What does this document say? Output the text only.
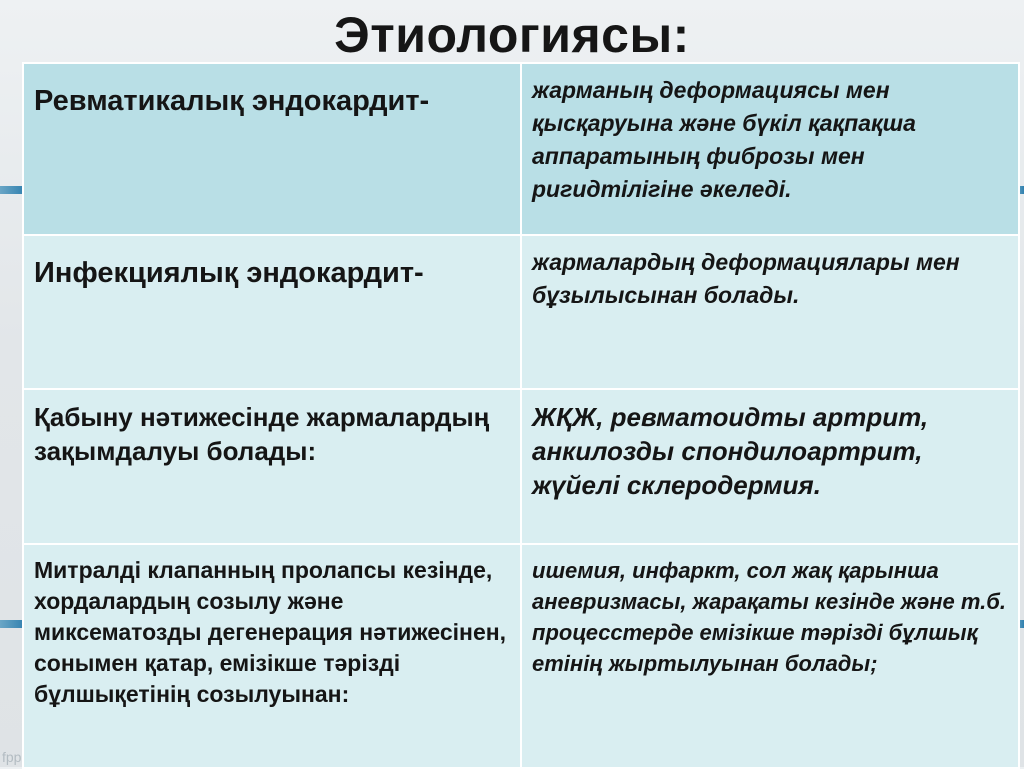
Этиологиясы:
Ревматикалық эндокардит-	жарманың деформациясы мен қысқаруына және бүкіл қақпақша аппаратының фиброзы мен ригидтілігіне әкеледі.

Инфекциялық эндокардит-	жармалардың деформациялары мен бұзылысынан болады.

Қабыну нәтижесінде жармалардың зақымдалуы болады:	ЖҚЖ, ревматоидты артрит, анкилозды спондилоартрит, жүйелі склеродермия.

Митралді клапанның пролапсы кезінде, хордалардың созылу және миксематозды дегенерация нәтижесінен, сонымен қатар, емізікше тәрізді бұлшықетінің созылуынан:	ишемия, инфаркт, сол жақ қарынша аневризмасы, жарақаты кезінде және т.б. процесстерде емізікше тәрізді бұлшық етінің жыртылуынан болады;
fpp
